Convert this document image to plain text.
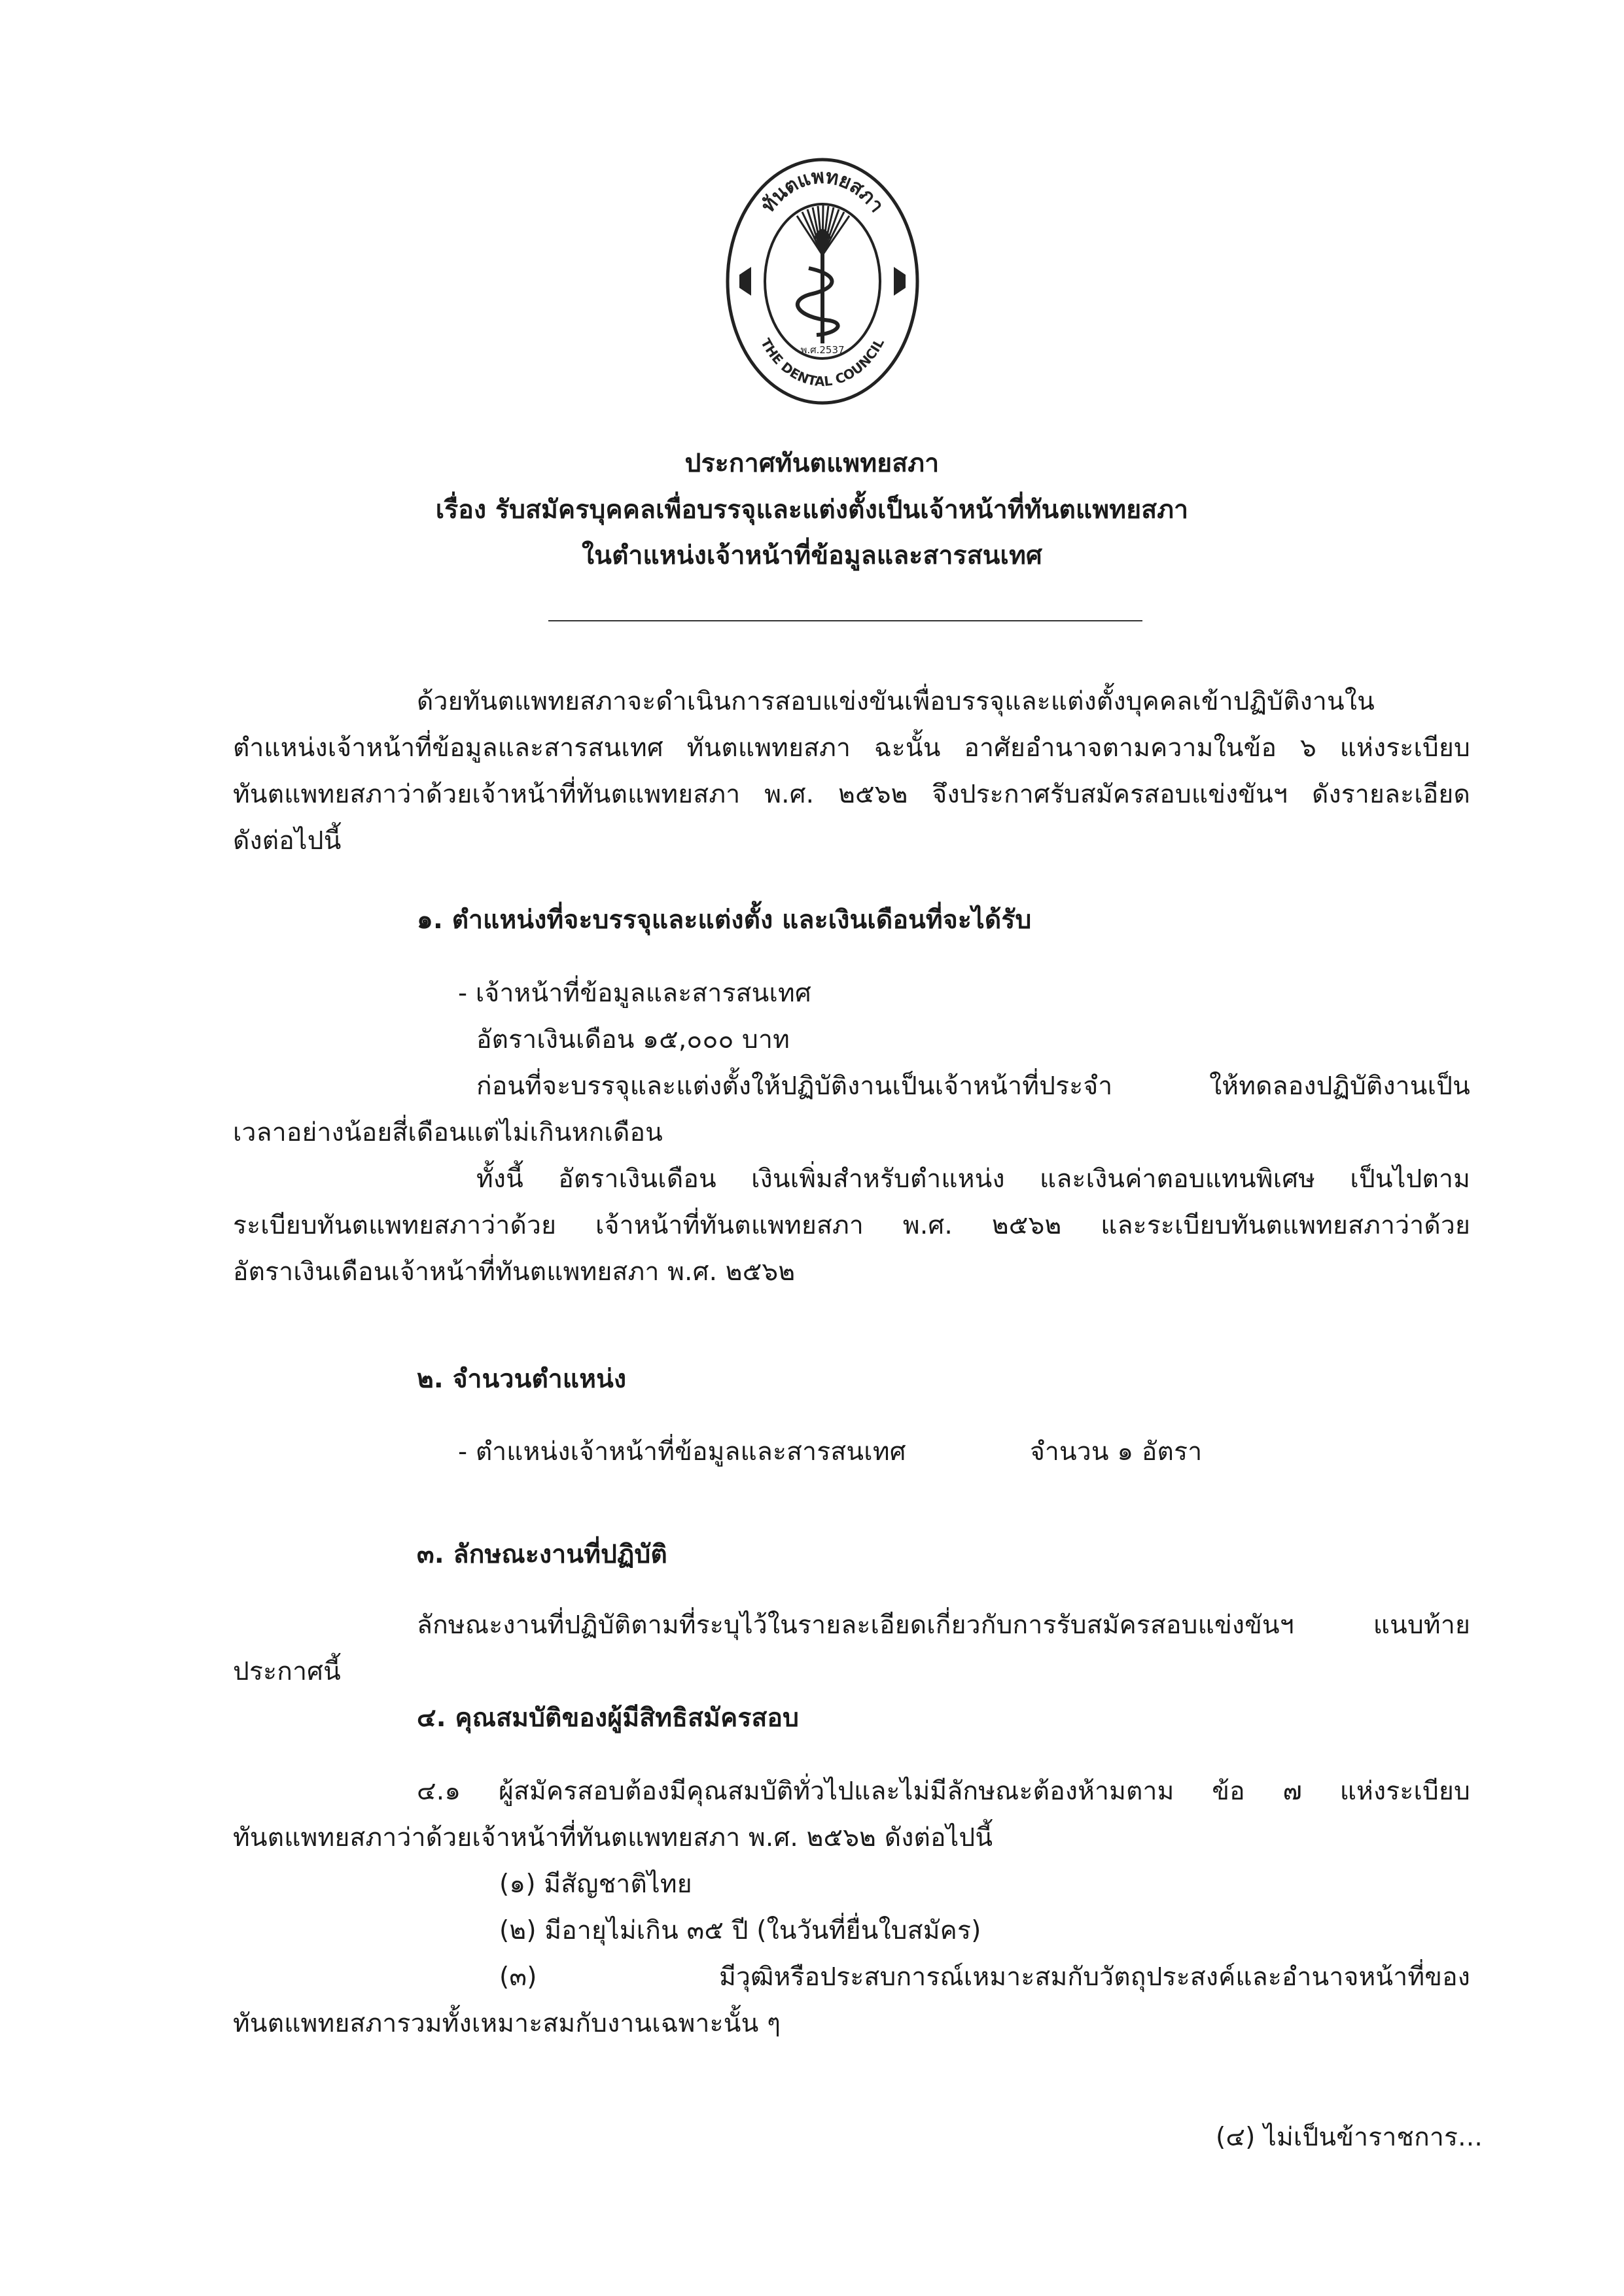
ทันตแพทยสภา
THE DENTAL COUNCIL
พ.ศ.2537
ประกาศทันตแพทยสภา
เรื่อง รับสมัครบุคคลเพื่อบรรจุและแต่งตั้งเป็นเจ้าหน้าที่ทันตแพทยสภา
ในตำแหน่งเจ้าหน้าที่ข้อมูลและสารสนเทศ
ด้วยทันตแพทยสภาจะดำเนินการสอบแข่งขันเพื่อบรรจุและแต่งตั้งบุคคลเข้าปฏิบัติงานใน
ตำแหน่งเจ้าหน้าที่ข้อมูลและสารสนเทศ ทันตแพทยสภา ฉะนั้น อาศัยอำนาจตามความในข้อ ๖ แห่งระเบียบ
ทันตแพทยสภาว่าด้วยเจ้าหน้าที่ทันตแพทยสภา พ.ศ. ๒๕๖๒ จึงประกาศรับสมัครสอบแข่งขันฯ ดังรายละเอียด
ดังต่อไปนี้
๑. ตำแหน่งที่จะบรรจุและแต่งตั้ง และเงินเดือนที่จะได้รับ
- เจ้าหน้าที่ข้อมูลและสารสนเทศ
อัตราเงินเดือน ๑๕,๐๐๐ บาท
ก่อนที่จะบรรจุและแต่งตั้งให้ปฏิบัติงานเป็นเจ้าหน้าที่ประจำ ให้ทดลองปฏิบัติงานเป็น
เวลาอย่างน้อยสี่เดือนแต่ไม่เกินหกเดือน
ทั้งนี้ อัตราเงินเดือน เงินเพิ่มสำหรับตำแหน่ง และเงินค่าตอบแทนพิเศษ เป็นไปตาม
ระเบียบทันตแพทยสภาว่าด้วย เจ้าหน้าที่ทันตแพทยสภา พ.ศ. ๒๕๖๒ และระเบียบทันตแพทยสภาว่าด้วย
อัตราเงินเดือนเจ้าหน้าที่ทันตแพทยสภา พ.ศ. ๒๕๖๒
๒. จำนวนตำแหน่ง
- ตำแหน่งเจ้าหน้าที่ข้อมูลและสารสนเทศ	จำนวน ๑ อัตรา
๓. ลักษณะงานที่ปฏิบัติ
ลักษณะงานที่ปฏิบัติตามที่ระบุไว้ในรายละเอียดเกี่ยวกับการรับสมัครสอบแข่งขันฯ แนบท้าย
ประกาศนี้
๔. คุณสมบัติของผู้มีสิทธิสมัครสอบ
๔.๑ ผู้สมัครสอบต้องมีคุณสมบัติทั่วไปและไม่มีลักษณะต้องห้ามตาม ข้อ ๗ แห่งระเบียบ
ทันตแพทยสภาว่าด้วยเจ้าหน้าที่ทันตแพทยสภา พ.ศ. ๒๕๖๒ ดังต่อไปนี้
(๑) มีสัญชาติไทย
(๒) มีอายุไม่เกิน ๓๕ ปี (ในวันที่ยื่นใบสมัคร)
(๓) มีวุฒิหรือประสบการณ์เหมาะสมกับวัตถุประสงค์และอำนาจหน้าที่ของ
ทันตแพทยสภารวมทั้งเหมาะสมกับงานเฉพาะนั้น ๆ
(๔) ไม่เป็นข้าราชการ...
